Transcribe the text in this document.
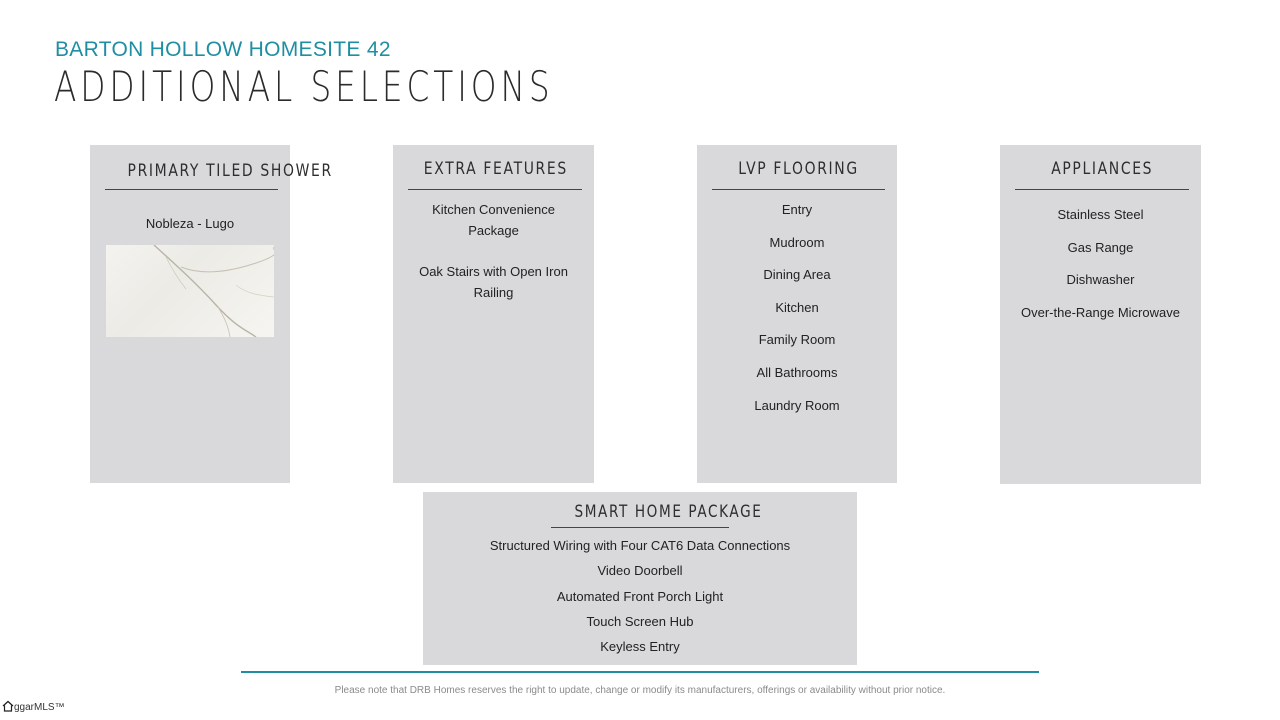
BARTON HOLLOW HOMESITE 42
ADDITIONAL SELECTIONS
PRIMARY TILED SHOWER
Nobleza - Lugo
EXTRA FEATURES
Kitchen Convenience Package
Oak Stairs with Open Iron Railing
LVP FLOORING
Entry
Mudroom
Dining Area
Kitchen
Family Room
All Bathrooms
Laundry Room
APPLIANCES
Stainless Steel
Gas Range
Dishwasher
Over-the-Range Microwave
SMART HOME PACKAGE
Structured Wiring with Four CAT6 Data Connections
Video Doorbell
Automated Front Porch Light
Touch Screen Hub
Keyless Entry
Please note that DRB Homes reserves the right to update, change or modify its manufacturers, offerings or availability without prior notice.
ggarMLS™
